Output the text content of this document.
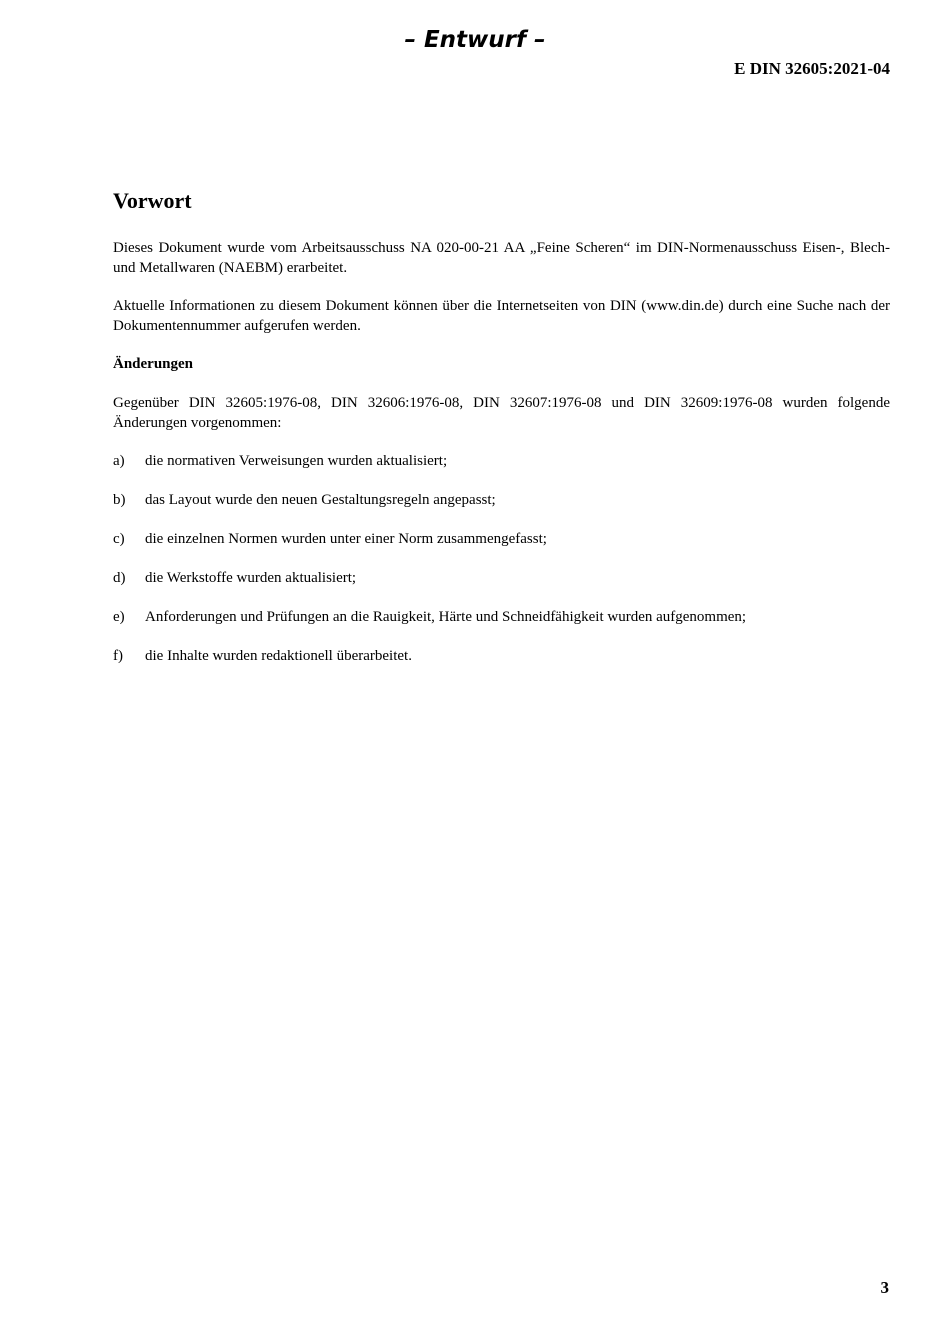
– Entwurf –
E DIN 32605:2021-04
Vorwort

Dieses Dokument wurde vom Arbeitsausschuss NA 020-00-21 AA „Feine Scheren“ im DIN-Normenausschuss Eisen-, Blech- und Metallwaren (NAEBM) erarbeitet.

Aktuelle Informationen zu diesem Dokument können über die Internetseiten von DIN (www.din.de) durch eine Suche nach der Dokumentennummer aufgerufen werden.

Änderungen

Gegenüber DIN 32605:1976-08, DIN 32606:1976-08, DIN 32607:1976-08 und DIN 32609:1976-08 wurden folgende Änderungen vorgenommen:

a)	die normativen Verweisungen wurden aktualisiert;
b)	das Layout wurde den neuen Gestaltungsregeln angepasst;
c)	die einzelnen Normen wurden unter einer Norm zusammengefasst;
d)	die Werkstoffe wurden aktualisiert;
e)	Anforderungen und Prüfungen an die Rauigkeit, Härte und Schneidfähigkeit wurden aufgenommen;
f)	die Inhalte wurden redaktionell überarbeitet.
3
